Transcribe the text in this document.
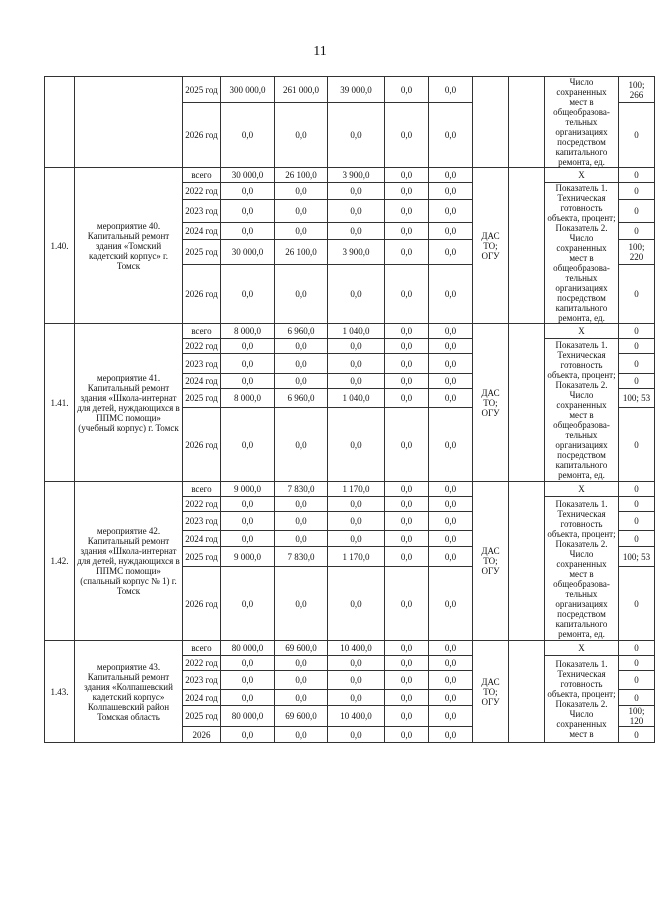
11
		2025 год	300 000,0	261 000,0	39 000,0	0,0	0,0			Число сохраненных мест в общеобразова-тельных организациях посредством капитального ремонта, ед.	100; 266
		2026 год	0,0	0,0	0,0	0,0	0,0				0
1.40.	мероприятие 40. Капитальный ремонт здания «Томский кадетский корпус» г. Томск	всего	30 000,0	26 100,0	3 900,0	0,0	0,0	ДАС ТО; ОГУ		X	0
		2022 год	0,0	0,0	0,0	0,0	0,0			Показатель 1. Техническая готовность объекта, процент; Показатель 2. Число сохраненных мест в общеобразова-тельных организациях посредством капитального ремонта, ед.	0
		2023 год	0,0	0,0	0,0	0,0	0,0				0
		2024 год	0,0	0,0	0,0	0,0	0,0				0
		2025 год	30 000,0	26 100,0	3 900,0	0,0	0,0				100; 220
		2026 год	0,0	0,0	0,0	0,0	0,0				0
1.41.	мероприятие 41. Капитальный ремонт здания «Школа-интернат для детей, нуждающихся в ППМС помощи» (учебный корпус) г. Томск	всего	8 000,0	6 960,0	1 040,0	0,0	0,0	ДАС ТО; ОГУ		X	0
		2022 год	0,0	0,0	0,0	0,0	0,0			Показатель 1. Техническая готовность объекта, процент; Показатель 2. Число сохраненных мест в общеобразова-тельных организациях посредством капитального ремонта, ед.	0
		2023 год	0,0	0,0	0,0	0,0	0,0				0
		2024 год	0,0	0,0	0,0	0,0	0,0				0
		2025 год	8 000,0	6 960,0	1 040,0	0,0	0,0				100; 53
		2026 год	0,0	0,0	0,0	0,0	0,0				0
1.42.	мероприятие 42. Капитальный ремонт здания «Школа-интернат для детей, нуждающихся в ППМС помощи» (спальный корпус № 1) г. Томск	всего	9 000,0	7 830,0	1 170,0	0,0	0,0	ДАС ТО; ОГУ		X	0
		2022 год	0,0	0,0	0,0	0,0	0,0			Показатель 1. Техническая готовность объекта, процент; Показатель 2. Число сохраненных мест в общеобразова-тельных организациях посредством капитального ремонта, ед.	0
		2023 год	0,0	0,0	0,0	0,0	0,0				0
		2024 год	0,0	0,0	0,0	0,0	0,0				0
		2025 год	9 000,0	7 830,0	1 170,0	0,0	0,0				100; 53
		2026 год	0,0	0,0	0,0	0,0	0,0				0
1.43.	мероприятие 43. Капитальный ремонт здания «Колпашевский кадетский корпус» Колпашевский район Томская область	всего	80 000,0	69 600,0	10 400,0	0,0	0,0	ДАС ТО; ОГУ		X	0
		2022 год	0,0	0,0	0,0	0,0	0,0			Показатель 1. Техническая готовность объекта, процент; Показатель 2. Число сохраненных мест в	0
		2023 год	0,0	0,0	0,0	0,0	0,0				0
		2024 год	0,0	0,0	0,0	0,0	0,0				0
		2025 год	80 000,0	69 600,0	10 400,0	0,0	0,0				100; 120
		2026	0,0	0,0	0,0	0,0	0,0				0
